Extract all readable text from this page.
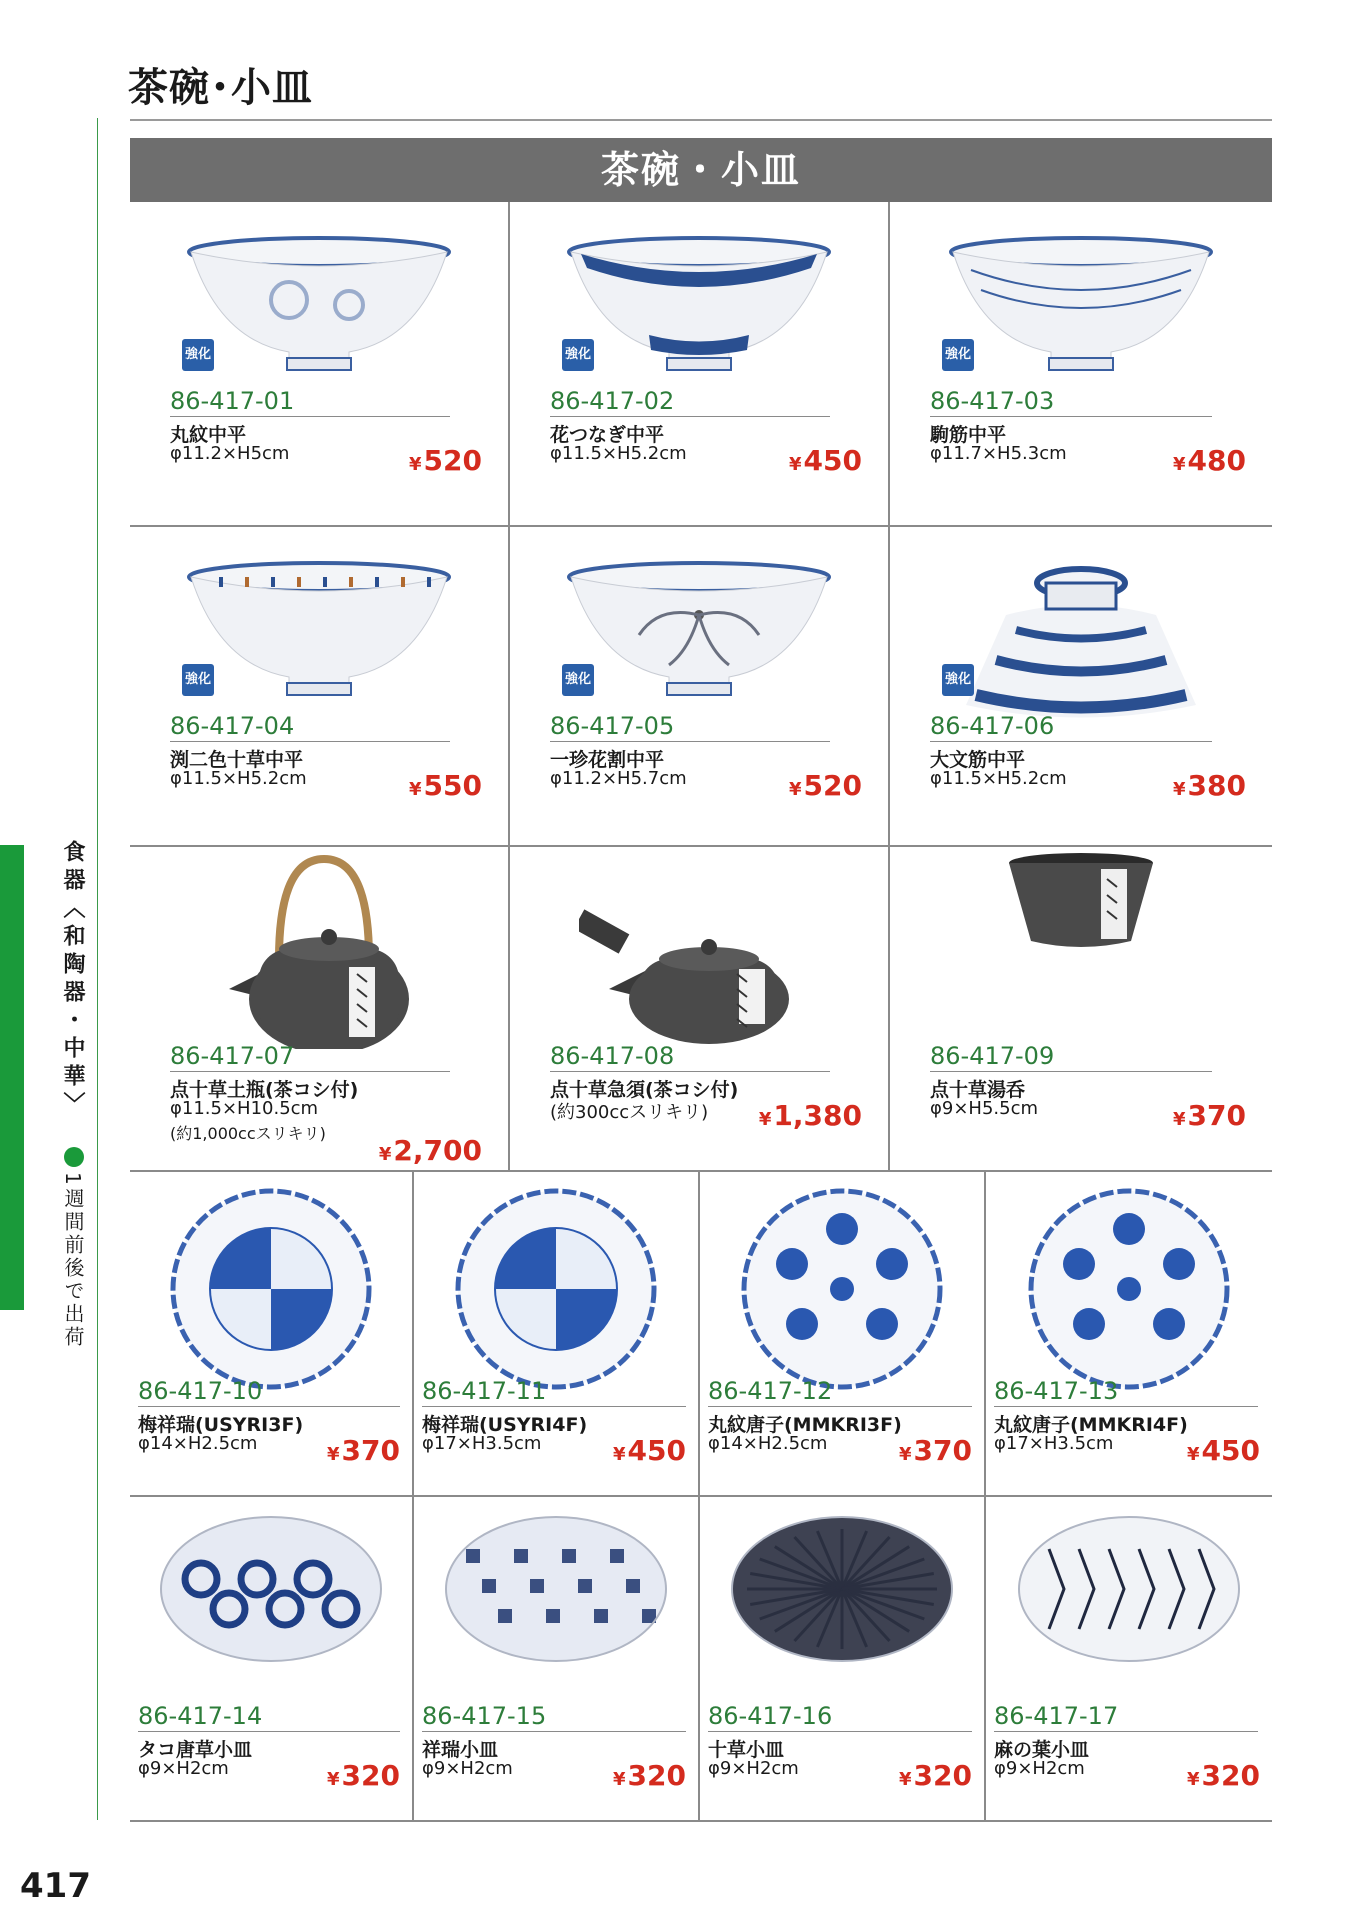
茶碗･小皿
茶碗・小皿
強化
86-417-01
丸紋中平
φ11.2×H5cm
¥520
強化
86-417-02
花つなぎ中平
φ11.5×H5.2cm
¥450
強化
86-417-03
駒筋中平
φ11.7×H5.3cm
¥480
強化
86-417-04
渕二色十草中平
φ11.5×H5.2cm
¥550
強化
86-417-05
一珍花割中平
φ11.2×H5.7cm
¥520
強化
86-417-06
大文筋中平
φ11.5×H5.2cm
¥380
86-417-07
点十草土瓶(茶コシ付)
φ11.5×H10.5cm
(約1,000ccスリキリ)
¥2,700
86-417-08
点十草急須(茶コシ付)
(約300ccスリキリ)	¥1,380
86-417-09
点十草湯呑
φ9×H5.5cm
¥370
86-417-10
梅祥瑞(USYRI3F)
φ14×H2.5cm
¥370
86-417-11
梅祥瑞(USYRI4F)
φ17×H3.5cm
¥450
86-417-12
丸紋唐子(MMKRI3F)
φ14×H2.5cm
¥370
86-417-13
丸紋唐子(MMKRI4F)
φ17×H3.5cm
¥450
86-417-14
タコ唐草小皿
φ9×H2cm
¥320
86-417-15
祥瑞小皿
φ9×H2cm
¥320
86-417-16
十草小皿
φ9×H2cm
¥320
86-417-17
麻の葉小皿
φ9×H2cm
¥320
食器〈和陶器・中華〉
1週間前後で出荷
417
